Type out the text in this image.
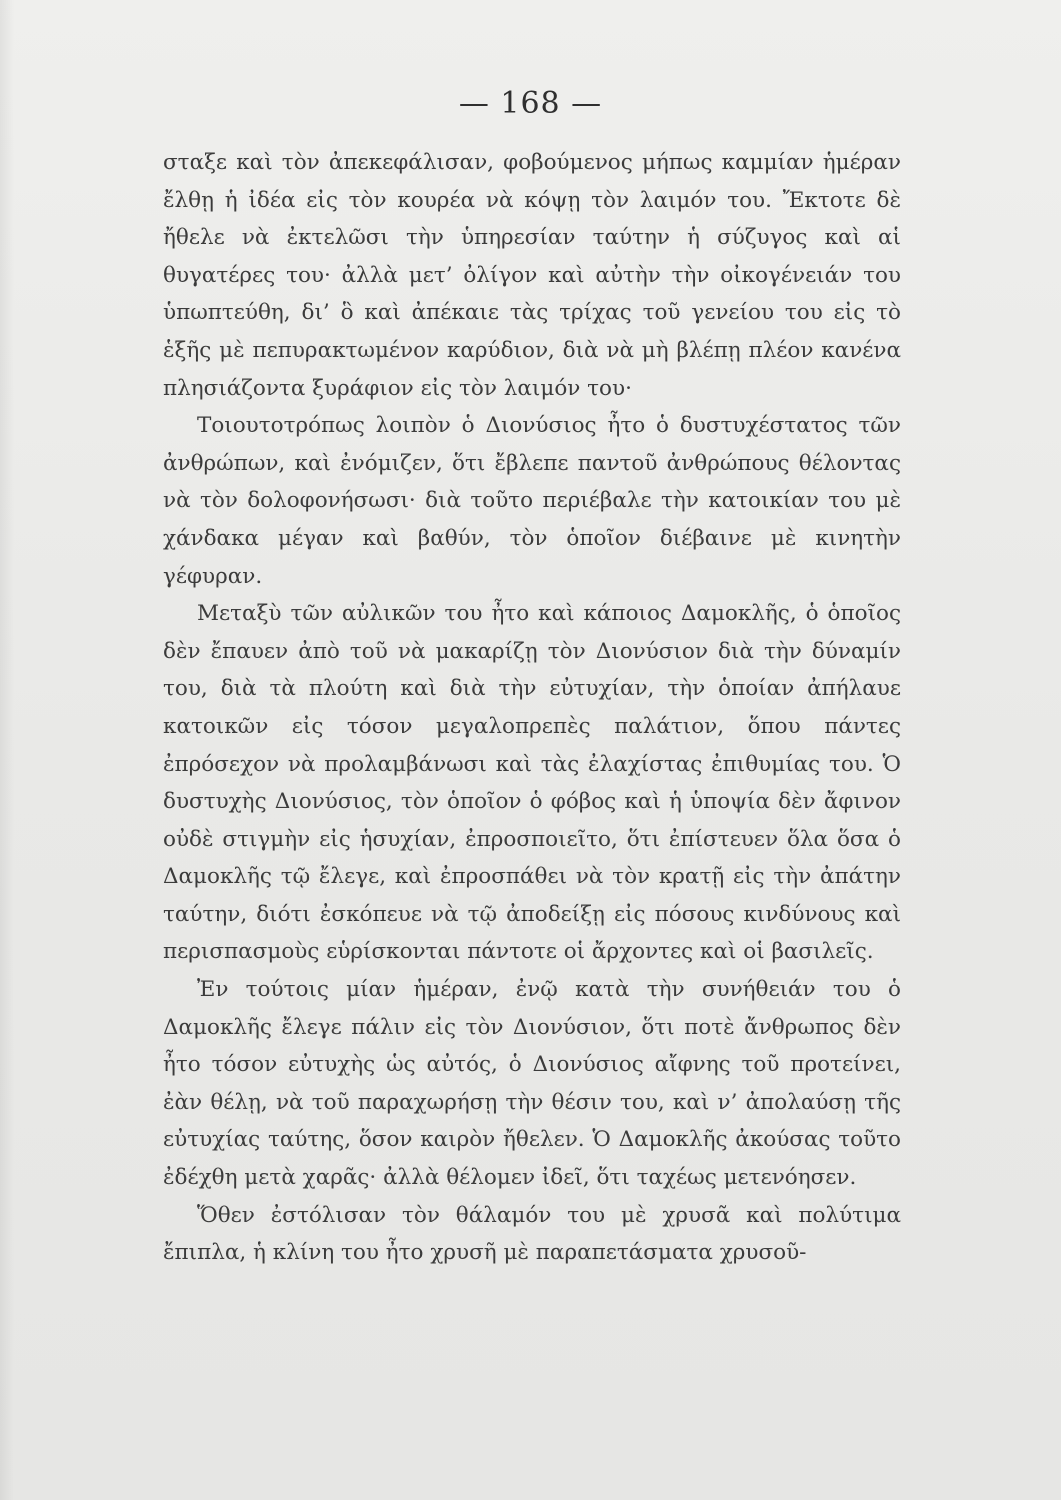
— 168 —

σταξε καὶ τὸν ἀπεκεφάλισαν, φοβούμενος μήπως καμμίαν ἡμέραν ἔλθῃ ἡ ἰδέα εἰς τὸν κουρέα νὰ κόψῃ τὸν λαιμόν του. Ἔκτοτε δὲ ἤθελε νὰ ἐκτελῶσι τὴν ὑπηρεσίαν ταύτην ἡ σύζυγος καὶ αἱ θυγατέρες του· ἀλλὰ μετ’ ὀλίγον καὶ αὐτὴν τὴν οἰκογένειάν του ὑπωπτεύθη, δι’ ὃ καὶ ἀπέκαιε τὰς τρίχας τοῦ γενείου του εἰς τὸ ἑξῆς μὲ πεπυρακτωμένον καρύδιον, διὰ νὰ μὴ βλέπῃ πλέον κανένα πλησιάζοντα ξυράφιον εἰς τὸν λαιμόν του·

Τοιουτοτρόπως λοιπὸν ὁ Διονύσιος ἦτο ὁ δυστυχέστατος τῶν ἀνθρώπων, καὶ ἐνόμιζεν, ὅτι ἔβλεπε παντοῦ ἀνθρώπους θέλοντας νὰ τὸν δολοφονήσωσι· διὰ τοῦτο περιέβαλε τὴν κατοικίαν του μὲ χάνδακα μέγαν καὶ βαθύν, τὸν ὁποῖον διέβαινε μὲ κινητὴν γέφυραν.

Μεταξὺ τῶν αὐλικῶν του ἦτο καὶ κάποιος Δαμοκλῆς, ὁ ὁποῖος δὲν ἔπαυεν ἀπὸ τοῦ νὰ μακαρίζῃ τὸν Διονύσιον διὰ τὴν δύναμίν του, διὰ τὰ πλούτη καὶ διὰ τὴν εὐτυχίαν, τὴν ὁποίαν ἀπήλαυε κατοικῶν εἰς τόσον μεγαλοπρεπὲς παλάτιον, ὅπου πάντες ἐπρόσεχον νὰ προλαμβάνωσι καὶ τὰς ἐλαχίστας ἐπιθυμίας του. Ὁ δυστυχὴς Διονύσιος, τὸν ὁποῖον ὁ φόβος καὶ ἡ ὑποψία δὲν ἄφινον οὐδὲ στιγμὴν εἰς ἡσυχίαν, ἐπροσποιεῖτο, ὅτι ἐπίστευεν ὅλα ὅσα ὁ Δαμοκλῆς τῷ ἔλεγε, καὶ ἐπροσπάθει νὰ τὸν κρατῇ εἰς τὴν ἀπάτην ταύτην, διότι ἐσκόπευε νὰ τῷ ἀποδείξῃ εἰς πόσους κινδύνους καὶ περισπασμοὺς εὑρίσκονται πάντοτε οἱ ἄρχοντες καὶ οἱ βασιλεῖς.

Ἐν τούτοις μίαν ἡμέραν, ἐνῷ κατὰ τὴν συνήθειάν του ὁ Δαμοκλῆς ἔλεγε πάλιν εἰς τὸν Διονύσιον, ὅτι ποτὲ ἄνθρωπος δὲν ἦτο τόσον εὐτυχὴς ὡς αὐτός, ὁ Διονύσιος αἴφνης τοῦ προτείνει, ἐὰν θέλῃ, νὰ τοῦ παραχωρήσῃ τὴν θέσιν του, καὶ ν’ ἀπολαύσῃ τῆς εὐτυχίας ταύτης, ὅσον καιρὸν ἤθελεν. Ὁ Δαμοκλῆς ἀκούσας τοῦτο ἐδέχθη μετὰ χαρᾶς· ἀλλὰ θέλομεν ἰδεῖ, ὅτι ταχέως μετενόησεν.

Ὅθεν ἐστόλισαν τὸν θάλαμόν του μὲ χρυσᾶ καὶ πολύτιμα ἔπιπλα, ἡ κλίνη του ἦτο χρυσῆ μὲ παραπετάσματα χρυσοῦ-
